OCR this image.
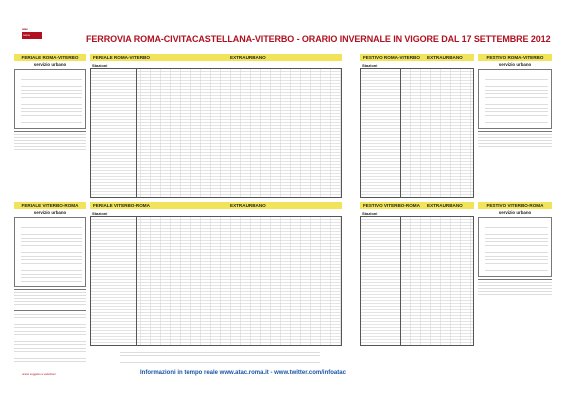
atac
roma	FERROVIA ROMA-CIVITACASTELLANA-VITERBO - ORARIO INVERNALE IN VIGORE DAL 17 SETTEMBRE 2012
FERIALE ROMA-VITERBO
servizio urbano
FERIALE ROMA-VITERBO	EXTRAURBANO
Stazioni
FESTIVO ROMA-VITERBO	EXTRAURBANO
Stazioni
FESTIVO ROMA-VITERBO
servizio urbano
FERIALE VITERBO-ROMA
servizio urbano
FERIALE VITERBO-ROMA	EXTRAURBANO
Stazioni
FESTIVO VITERBO-ROMA	EXTRAURBANO
Stazioni
FESTIVO VITERBO-ROMA
servizio urbano
Informazioni in tempo reale www.atac.roma.it - www.twitter.com/infoatac
orario soggetto a variazioni
